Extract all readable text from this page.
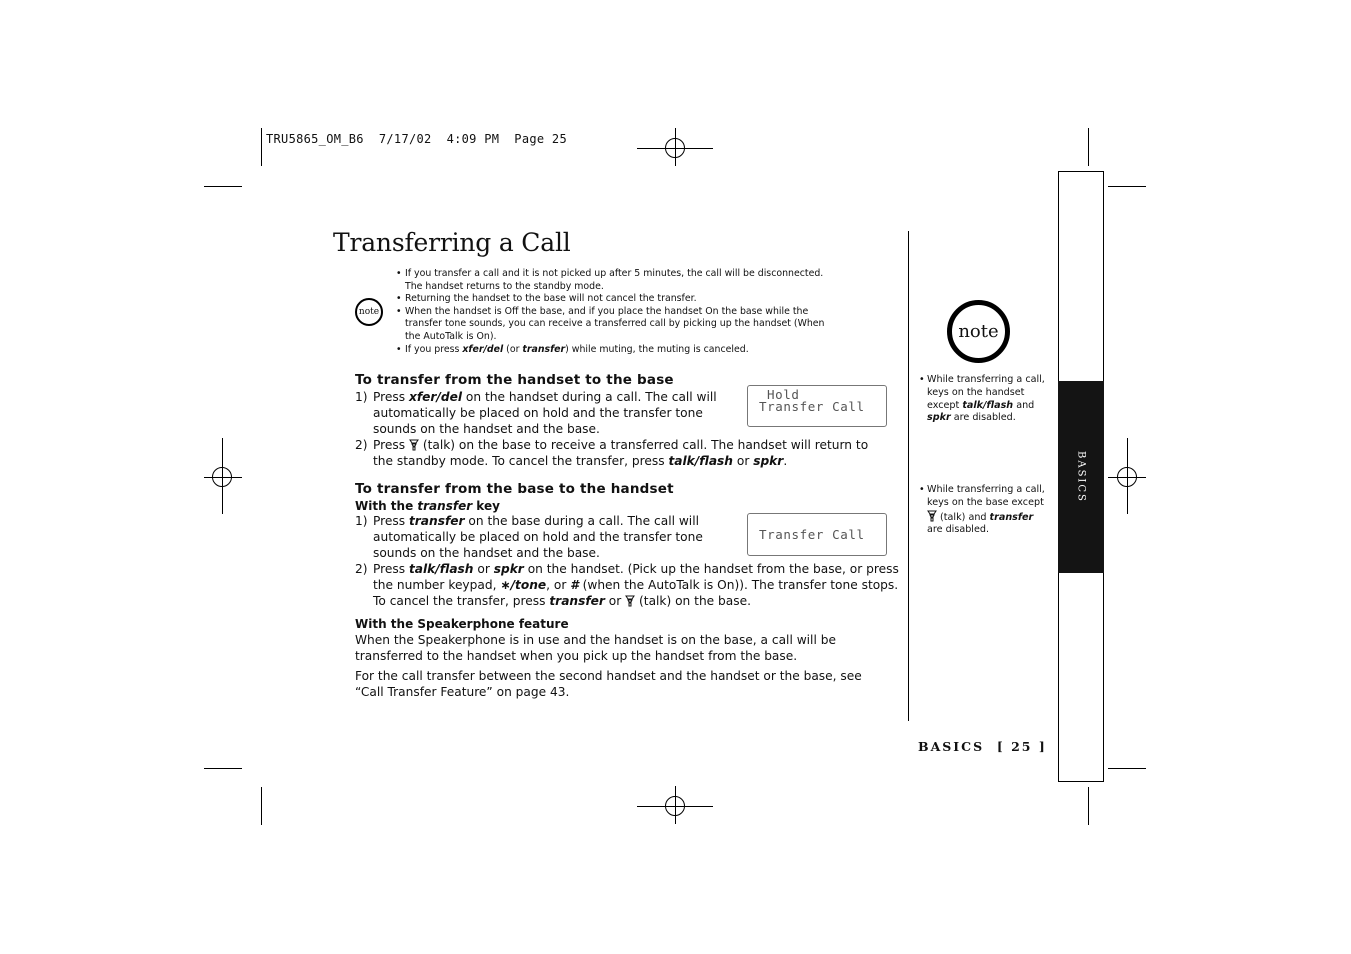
TRU5865_OM_B6  7/17/02  4:09 PM  Page 25
Transferring a Call
note
• If you transfer a call and it is not picked up after 5 minutes, the call will be disconnected. The handset returns to the standby mode.
• Returning the handset to the base will not cancel the transfer.
• When the handset is Off the base, and if you place the handset On the base while the transfer tone sounds, you can receive a transferred call by picking up the handset (When the AutoTalk is On).
• If you press xfer/del (or transfer) while muting, the muting is canceled.
To transfer from the handset to the base
1) Press xfer/del on the handset during a call. The call will automatically be placed on hold and the transfer tone sounds on the handset and the base.
2) Press  (talk) on the base to receive a transferred call. The handset will return to the standby mode. To cancel the transfer, press talk/flash or spkr.
Hold
Transfer Call
To transfer from the base to the handset
With the transfer key
1) Press transfer on the base during a call. The call will automatically be placed on hold and the transfer tone sounds on the handset and the base.
2) Press talk/flash or spkr on the handset. (Pick up the handset from the base, or press the number keypad, ∗/tone, or # (when the AutoTalk is On)). The transfer tone stops. To cancel the transfer, press transfer or  (talk) on the base.
With the Speakerphone feature
When the Speakerphone is in use and the handset is on the base, a call will be transferred to the handset when you pick up the handset from the base.
For the call transfer between the second handset and the handset or the base, see “Call Transfer Feature” on page 43.
Transfer Call
note
• While transferring a call, keys on the handset except talk/flash and spkr are disabled.
• While transferring a call, keys on the base except  (talk) and transfer are disabled.
BASICS
BASICS  [ 25 ]
